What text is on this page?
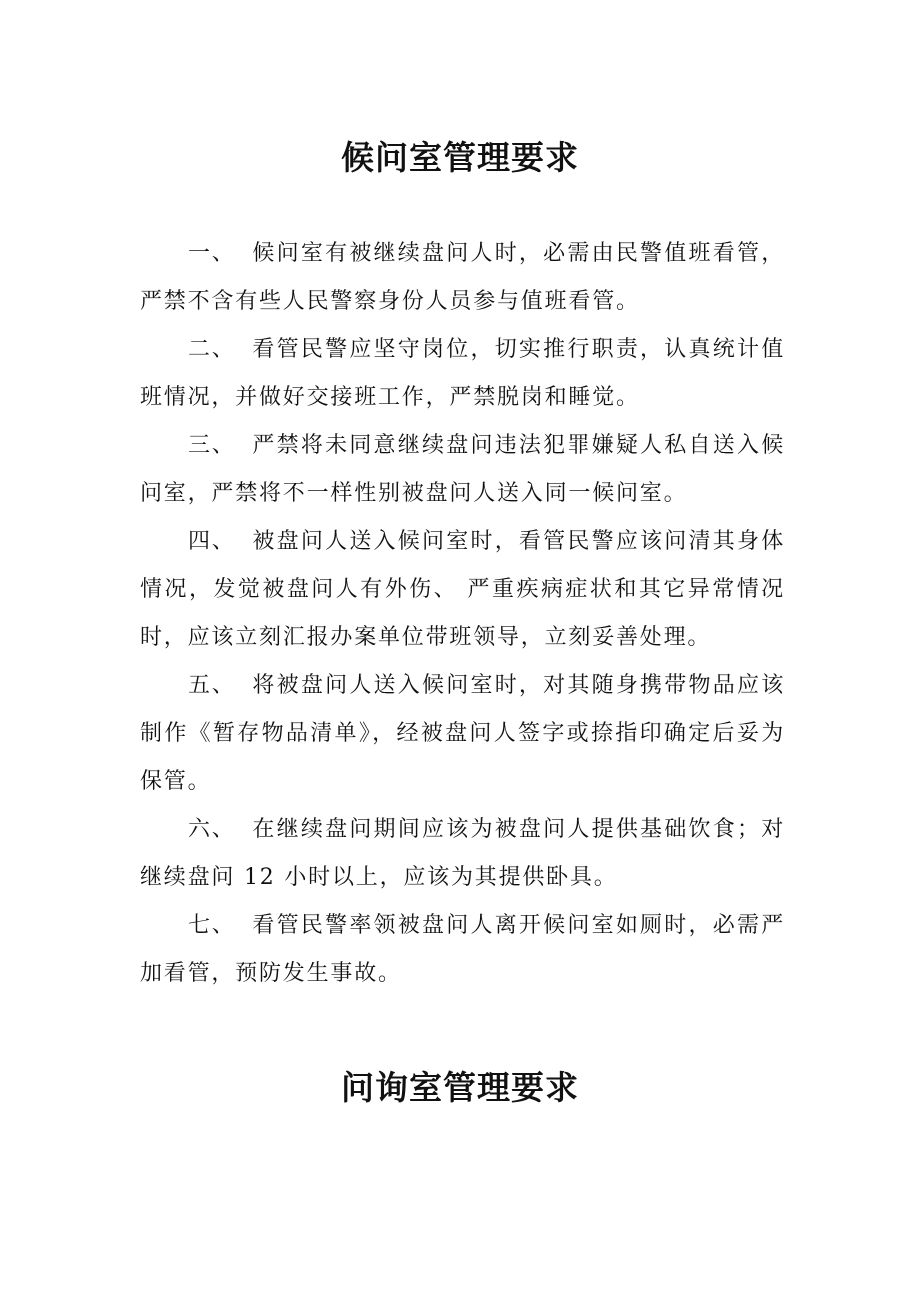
候问室管理要求
一、 候问室有被继续盘问人时，必需由民警值班看管，严禁不含有些人民警察身份人员参与值班看管。
二、 看管民警应坚守岗位，切实推行职责，认真统计值班情况，并做好交接班工作，严禁脱岗和睡觉。
三、 严禁将未同意继续盘问违法犯罪嫌疑人私自送入候问室，严禁将不一样性别被盘问人送入同一候问室。
四、 被盘问人送入候问室时，看管民警应该问清其身体情况，发觉被盘问人有外伤、 严重疾病症状和其它异常情况时，应该立刻汇报办案单位带班领导，立刻妥善处理。
五、 将被盘问人送入候问室时，对其随身携带物品应该制作《暂存物品清单》，经被盘问人签字或捺指印确定后妥为保管。
六、 在继续盘问期间应该为被盘问人提供基础饮食；对继续盘问 12 小时以上，应该为其提供卧具。
七、 看管民警率领被盘问人离开候问室如厕时，必需严加看管，预防发生事故。
问询室管理要求
